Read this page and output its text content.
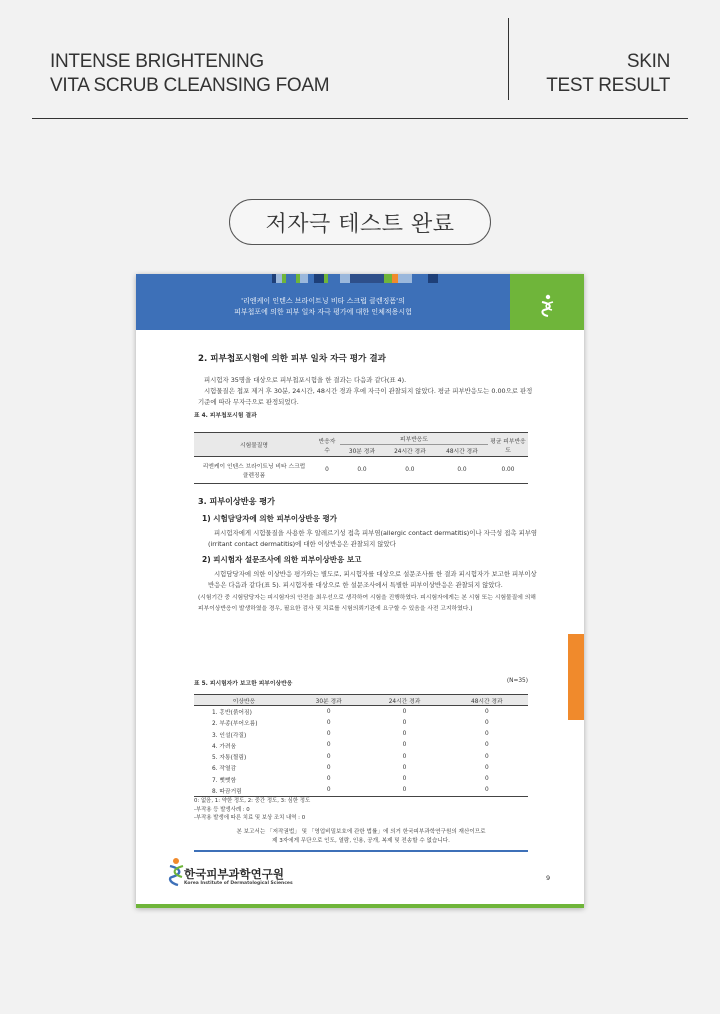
INTENSE BRIGHTENING
VITA SCRUB CLEANSING FOAM
SKIN
TEST RESULT
저자극 테스트 완료
'리엔케이 인텐스 브라이트닝 비타 스크럽 클렌징폼'의
피부첩포에 의한 피부 일차 자극 평가에 대한 인체적용시험
2. 피부첩포시험에 의한 피부 일차 자극 평가 결과

피시험자 35명을 대상으로 피부첩포시험을 한 결과는 다음과 같다(표 4).

시험물질은 첩포 제거 후 30분, 24시간, 48시간 경과 후에 자극이 관찰되지 않았다. 평균 피부반응도는 0.00으로 판정기준에 따라 무자극으로 판정되었다.

표 4. 피부첩포시험 결과
시험물질명	반응자수	피부반응도			평균 피부반응도
		30분 경과	24시간 경과	48시간 경과	
리엔케이 인텐스 브라이트닝 비타 스크럽 클렌징폼	0	0.0	0.0	0.0	0.00
3. 피부이상반응 평가
1) 시험담당자에 의한 피부이상반응 평가

피시험자에게 시험물질을 사용한 후 알레르기성 접촉 피부염(allergic contact dermatitis)이나 자극성 접촉 피부염(irritant contact dermatitis)에 대한 이상반응은 관찰되지 않았다

2) 피시험자 설문조사에 의한 피부이상반응 보고

시험담당자에 의한 이상반응 평가와는 별도로, 피시험자를 대상으로 설문조사를 한 결과 피시험자가 보고한 피부이상반응은 다음과 같다(표 5). 피시험자를 대상으로 한 설문조사에서 특별한 피부이상반응은 관찰되지 않았다.

(시험기간 중 시험담당자는 피시험자의 안전을 최우선으로 생각하여 시험을 진행하였다. 피시험자에게는 본 시험 또는 시험물질에 의해 피부이상반응이 발생하였을 경우, 필요한 검사 및 치료를 시험의뢰기관에 요구할 수 있음을 사전 고지하였다.)

표 5. 피시험자가 보고한 피부이상반응	(N=35)
이상반응	30분 경과	24시간 경과	48시간 경과
1. 홍반(붉어짐)	0	0	0
2. 부종(부어오름)	0	0	0
3. 인설(각질)	0	0	0
4. 가려움	0	0	0
5. 자통(찔림)	0	0	0
6. 작열감	0	0	0
7. 뻣뻣함	0	0	0
8. 따끔거림	0	0	0
0: 없음, 1: 약한 정도, 2: 중간 정도, 3: 심한 정도
-부작용 등 발생사례 : 0
-부작용 발생에 따른 치료 및 보상 조치 내역 : 0
본 보고서는 「저작권법」 및 「영업비밀보호에 관한 법률」에 의거 한국피부과학연구원의 재산이므로
제 3자에게 무단으로 인도, 열람, 인용, 공개, 복제 및 전송할 수 없습니다.
한국피부과학연구원
Korea Institute of Dermatological Sciences
9
